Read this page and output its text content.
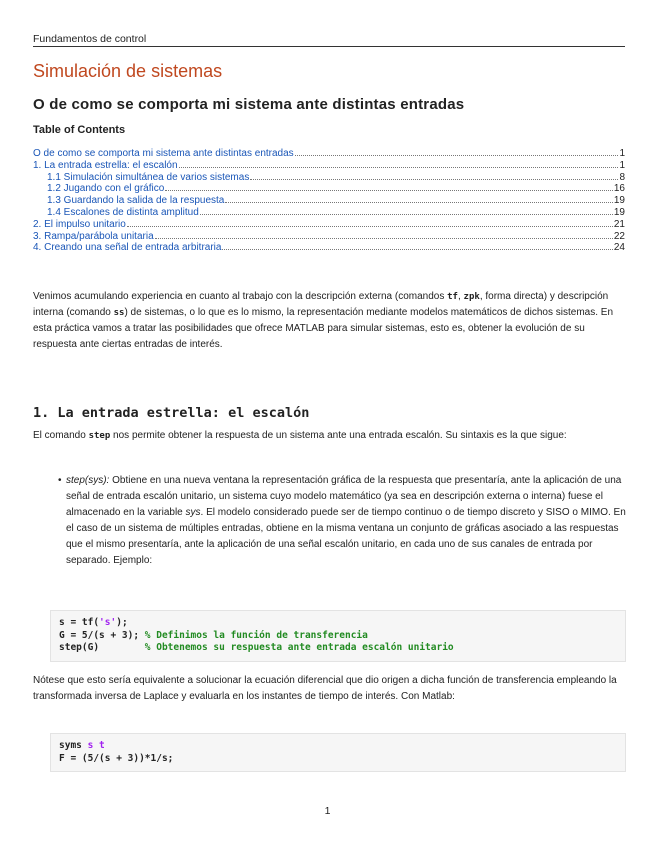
Fundamentos de control
Simulación de sistemas
O de como se comporta mi sistema ante distintas entradas
Table of Contents
O de como se comporta mi sistema ante distintas entradas	1
1. La entrada estrella: el escalón	1
1.1 Simulación simultánea de varios sistemas	8
1.2 Jugando con el gráfico	16
1.3 Guardando la salida de la respuesta	19
1.4 Escalones de distinta amplitud	19
2. El impulso unitario	21
3. Rampa/parábola unitaria	22
4. Creando una señal de entrada arbitraria	24

Venimos acumulando experiencia en cuanto al trabajo con la descripción externa (comandos tf, zpk, forma directa) y descripción interna (comando ss) de sistemas, o lo que es lo mismo, la representación mediante modelos matemáticos de dichos sistemas. En esta práctica vamos a tratar las posibilidades que ofrece MATLAB para simular sistemas, esto es, obtener la evolución de su respuesta ante ciertas entradas de interés.

1. La entrada estrella: el escalón

El comando step nos permite obtener la respuesta de un sistema ante una entrada escalón. Su sintaxis es la que sigue:

• step(sys): Obtiene en una nueva ventana la representación gráfica de la respuesta que presentaría, ante la aplicación de una señal de entrada escalón unitario, un sistema cuyo modelo matemático (ya sea en descripción externa o interna) fuese el almacenado en la variable sys. El modelo considerado puede ser de tiempo continuo o de tiempo discreto y SISO o MIMO. En el caso de un sistema de múltiples entradas, obtiene en la misma ventana un conjunto de gráficas asociado a las respuestas que el mismo presentaría, ante la aplicación de una señal escalón unitario, en cada uno de sus canales de entrada por separado. Ejemplo:
s = tf('s');
G = 5/(s + 3); % Definimos la función de transferencia
step(G)        % Obtenemos su respuesta ante entrada escalón unitario

Nótese que esto sería equivalente a solucionar la ecuación diferencial que dio origen a dicha función de transferencia empleando la transformada inversa de Laplace y evaluarla en los instantes de tiempo de interés. Con Matlab:

syms s t
F = (5/(s + 3))*1/s;
1
